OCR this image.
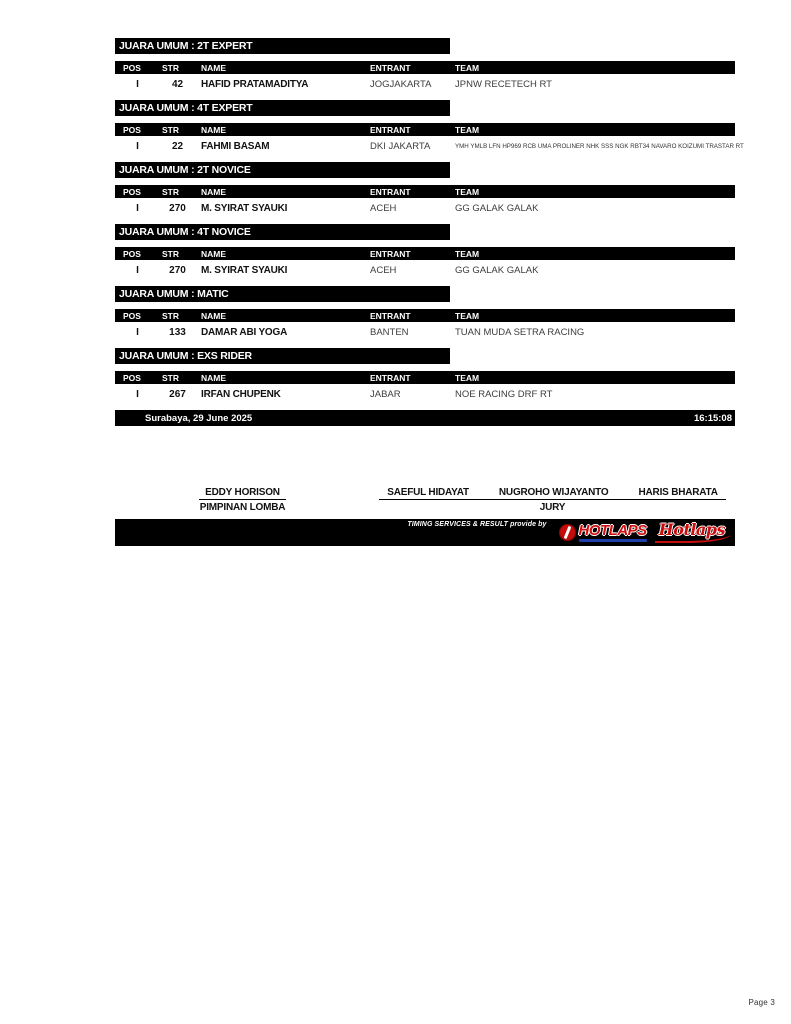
JUARA UMUM : 2T EXPERT
POS	STR	NAME	ENTRANT	TEAM
I	42	HAFID PRATAMADITYA	JOGJAKARTA	JPNW RECETECH RT
JUARA UMUM : 4T EXPERT
POS	STR	NAME	ENTRANT	TEAM
I	22	FAHMI BASAM	DKI JAKARTA	YMH YMLB LFN HP969 RCB UMA PROLINER NHK SSS NGK RBT34 NAVARO KOIZUMI TRASTAR RT
JUARA UMUM : 2T NOVICE
POS	STR	NAME	ENTRANT	TEAM
I	270	M. SYIRAT SYAUKI	ACEH	GG GALAK GALAK
JUARA UMUM : 4T NOVICE
POS	STR	NAME	ENTRANT	TEAM
I	270	M. SYIRAT SYAUKI	ACEH	GG GALAK GALAK
JUARA UMUM : MATIC
POS	STR	NAME	ENTRANT	TEAM
I	133	DAMAR ABI YOGA	BANTEN	TUAN MUDA SETRA RACING
JUARA UMUM : EXS RIDER
POS	STR	NAME	ENTRANT	TEAM
I	267	IRFAN CHUPENK	JABAR	NOE RACING DRF RT
Surabaya, 29 June 2025	16:15:08
EDDY HORISON
PIMPINAN LOMBA
SAEFUL HIDAYAT	NUGROHO WIJAYANTO	HARIS BHARATA
JURY
TIMING SERVICES & RESULT provide by HOTLAPS Hotlaps
Page 3
